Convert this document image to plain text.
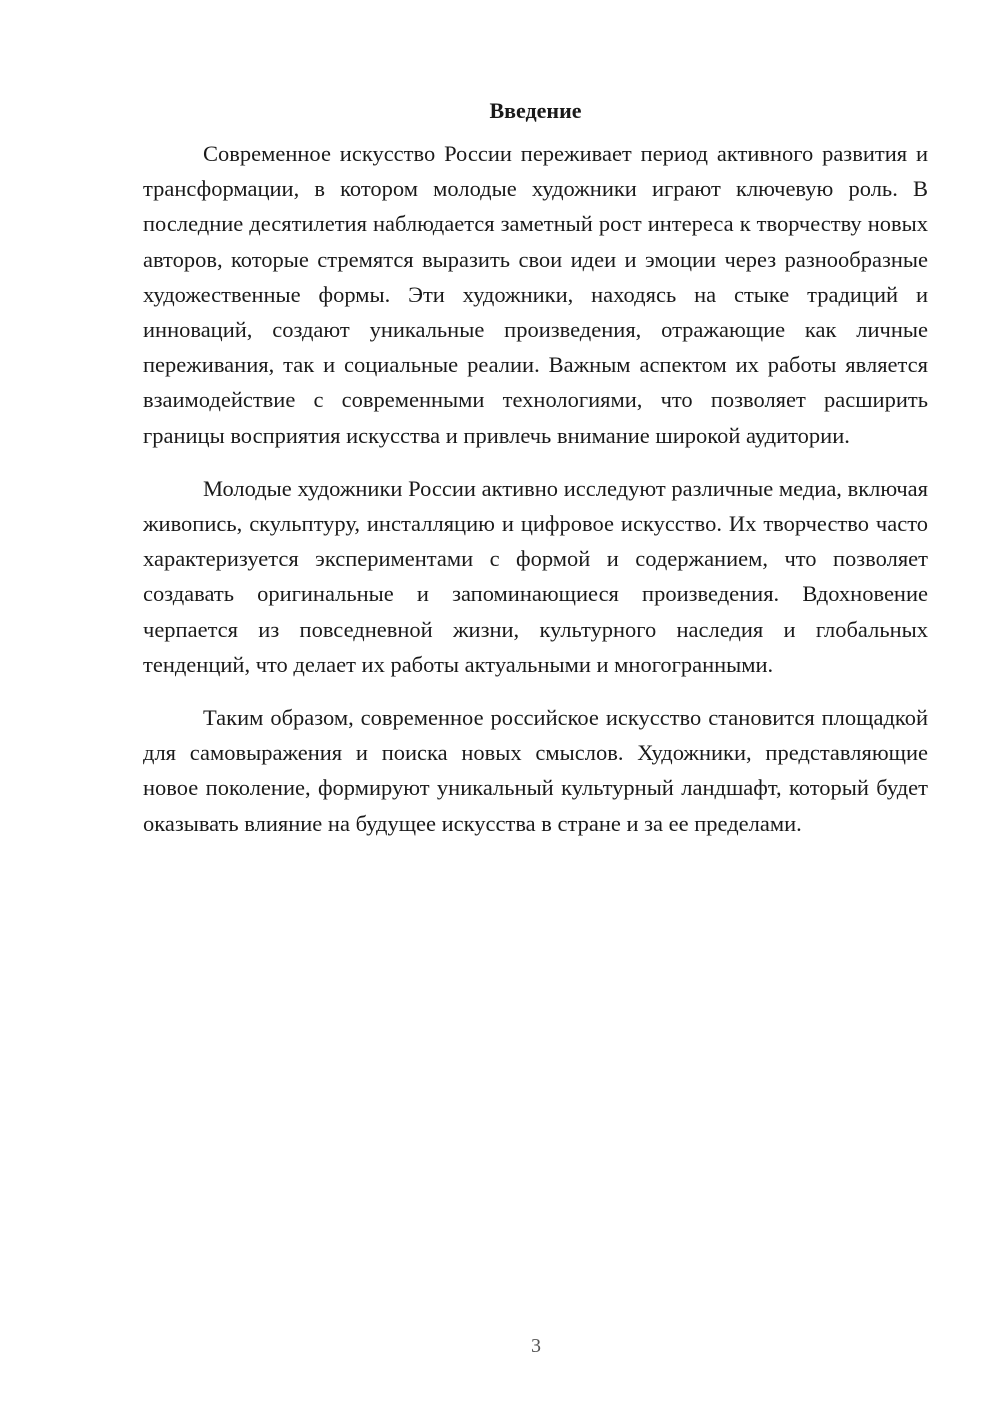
Введение

Современное искусство России переживает период активного развития и трансформации, в котором молодые художники играют ключевую роль. В последние десятилетия наблюдается заметный рост интереса к творчеству новых авторов, которые стремятся выразить свои идеи и эмоции через разнообразные художественные формы. Эти художники, находясь на стыке традиций и инноваций, создают уникальные произведения, отражающие как личные переживания, так и социальные реалии. Важным аспектом их работы является взаимодействие с современными технологиями, что позволяет расширить границы восприятия искусства и привлечь внимание широкой аудитории.

Молодые художники России активно исследуют различные медиа, включая живопись, скульптуру, инсталляцию и цифровое искусство. Их творчество часто характеризуется экспериментами с формой и содержанием, что позволяет создавать оригинальные и запоминающиеся произведения. Вдохновение черпается из повседневной жизни, культурного наследия и глобальных тенденций, что делает их работы актуальными и многогранными.

Таким образом, современное российское искусство становится площадкой для самовыражения и поиска новых смыслов. Художники, представляющие новое поколение, формируют уникальный культурный ландшафт, который будет оказывать влияние на будущее искусства в стране и за ее пределами.

3
